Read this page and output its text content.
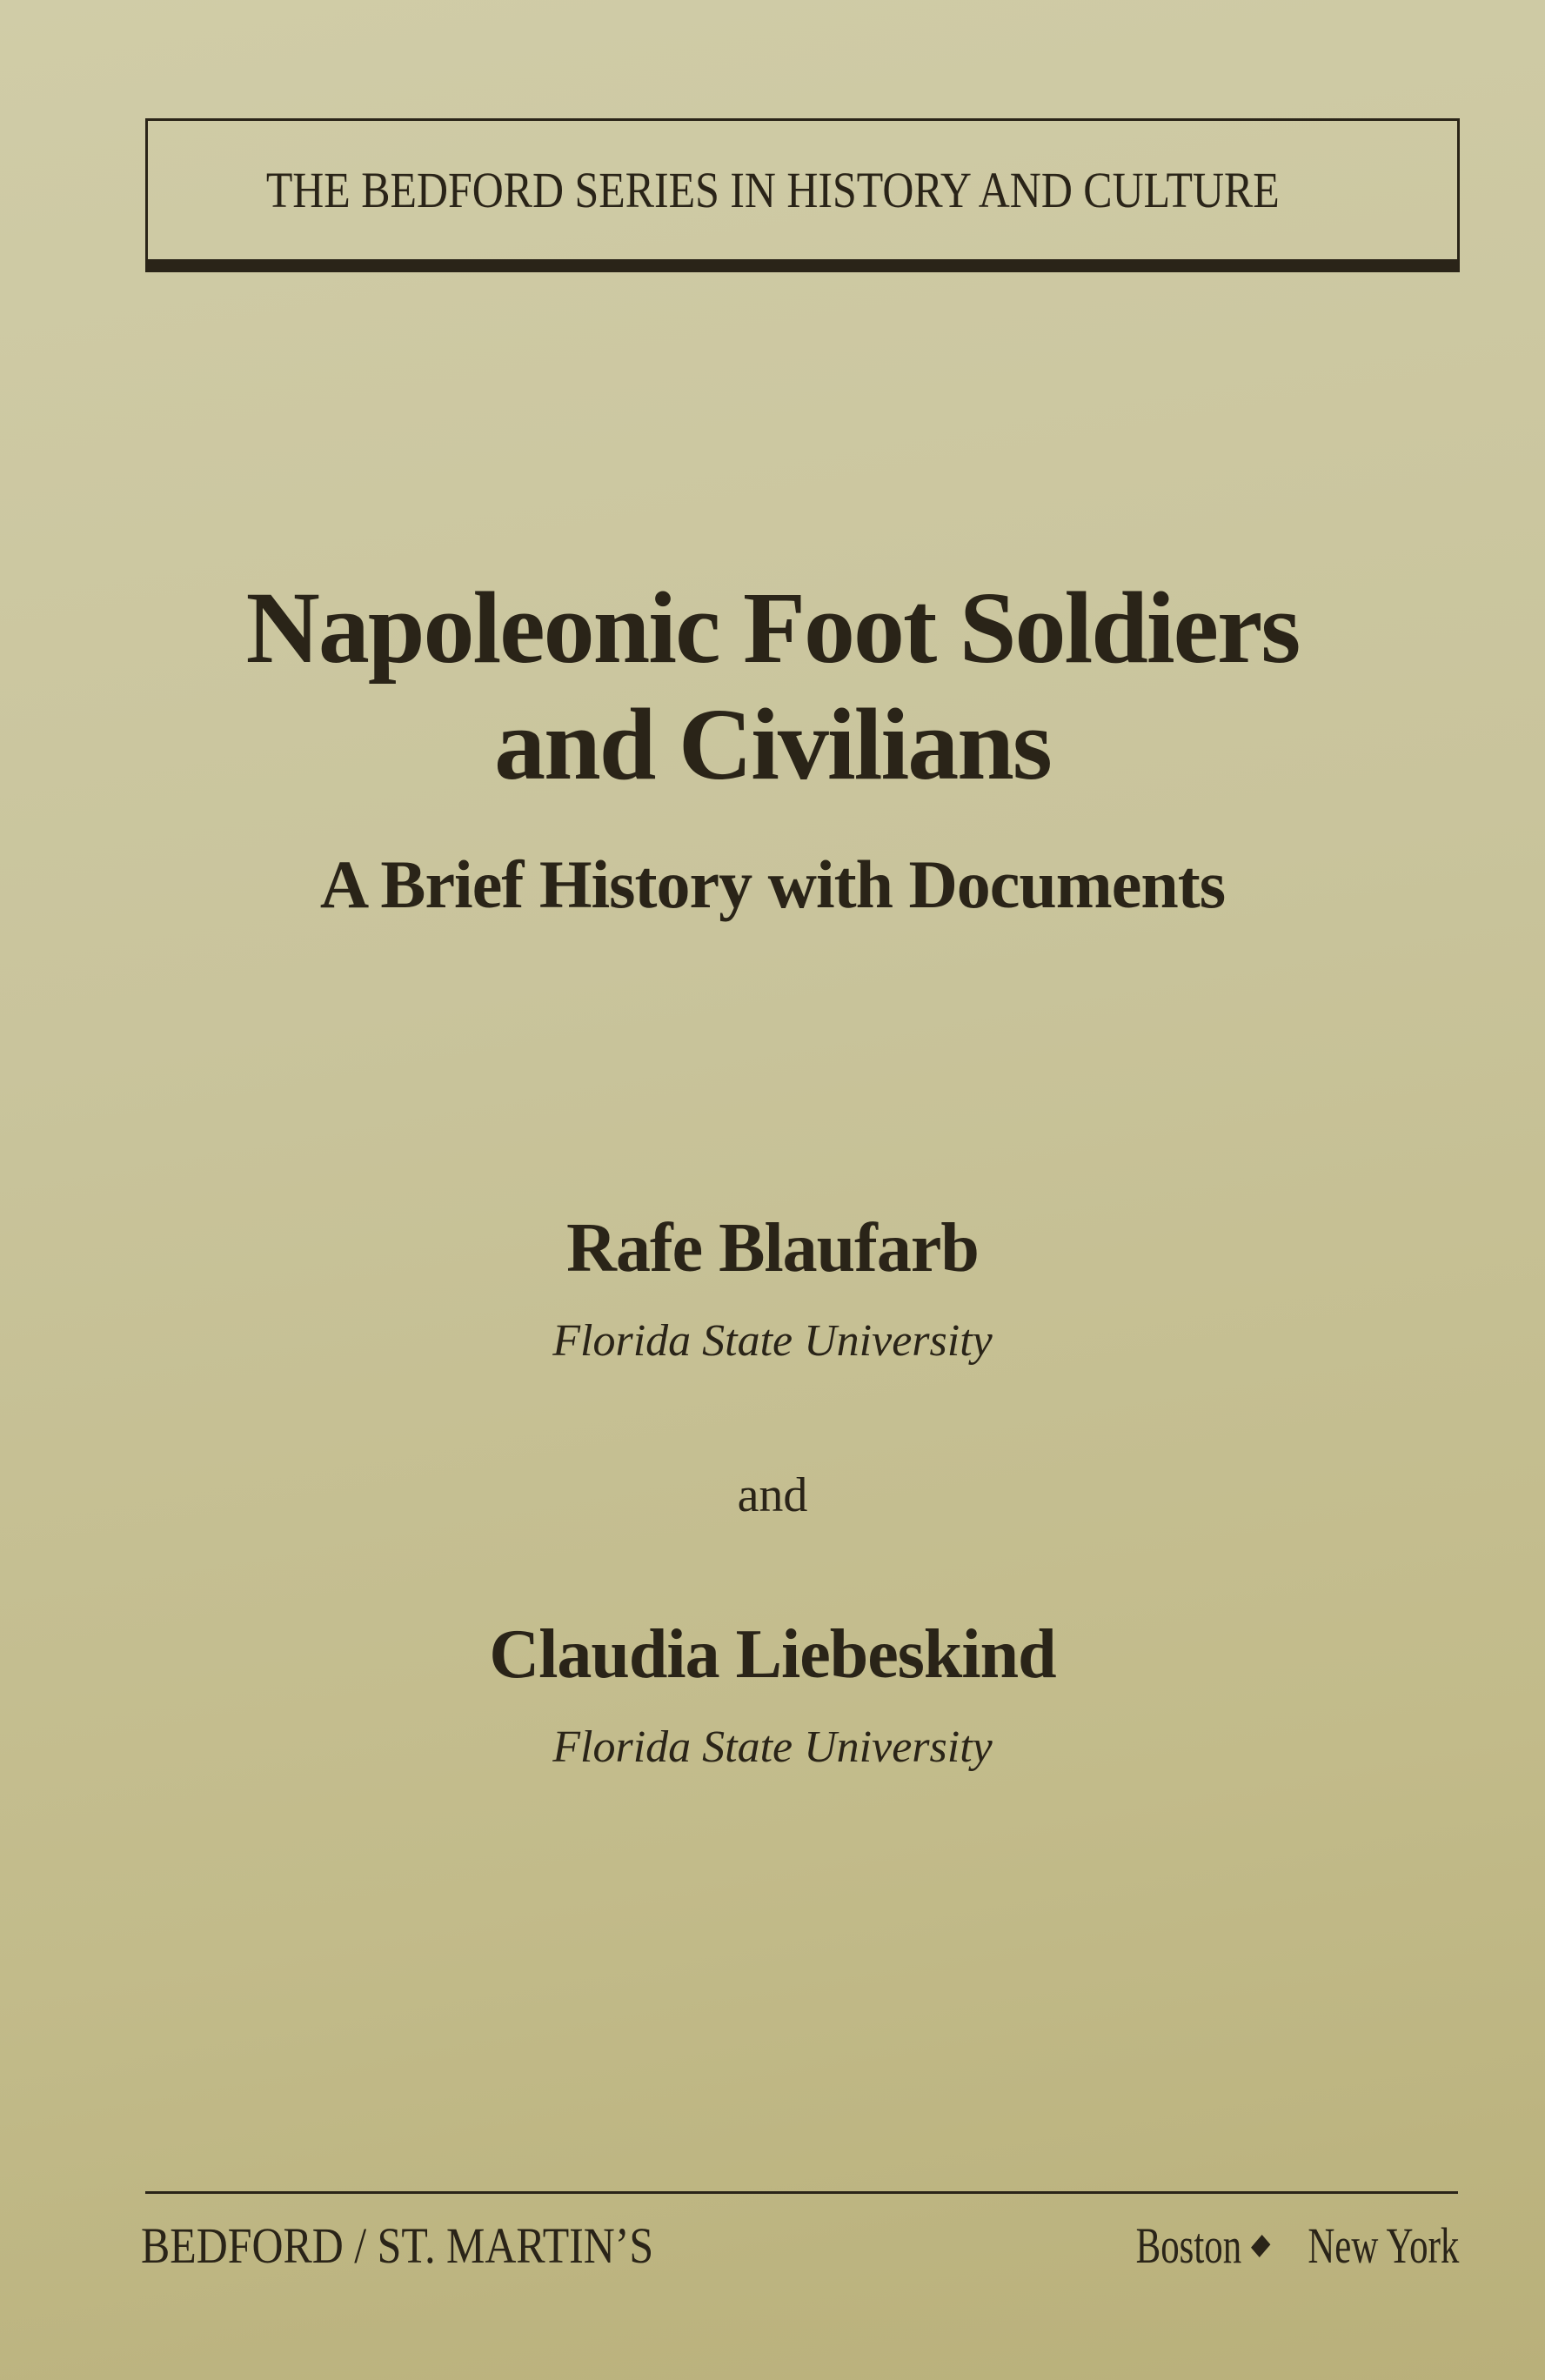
THE BEDFORD SERIES IN HISTORY AND CULTURE
Napoleonic Foot Soldiers
and Civilians
A Brief History with Documents
Rafe Blaufarb
Florida State University
and
Claudia Liebeskind
Florida State University
BEDFORD / ST. MARTIN’S	Boston New York
